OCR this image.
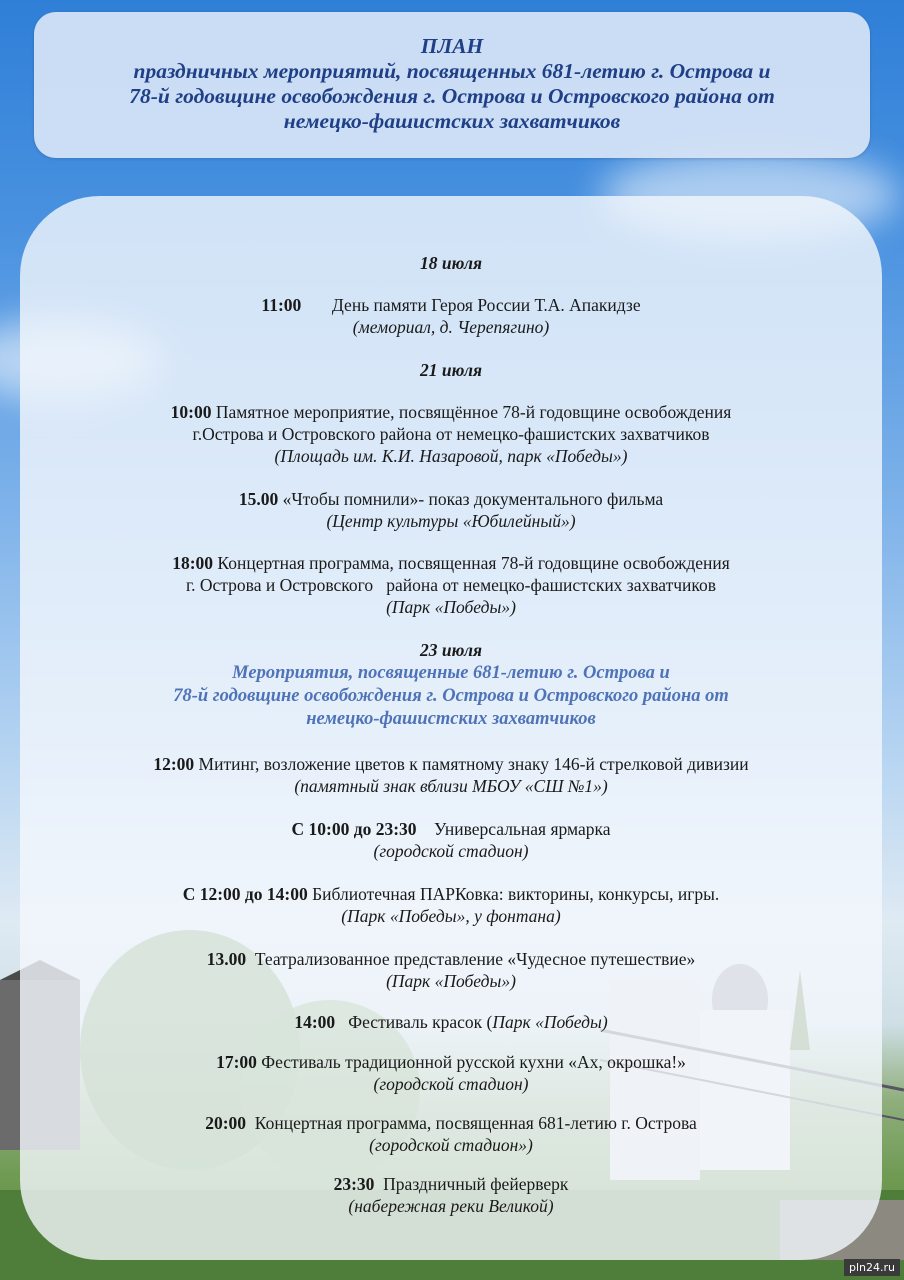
ПЛАН
праздничных мероприятий, посвященных 681-летию г. Острова и
78-й годовщине освобождения г. Острова и Островского района от
немецко-фашистских захватчиков
18 июля
11:00 День памяти Героя России Т.А. Апакидзе
(мемориал, д. Черепягино)
21 июля
10:00 Памятное мероприятие, посвящённое 78-й годовщине освобождения
г.Острова и Островского района от немецко-фашистских захватчиков
(Площадь им. К.И. Назаровой, парк «Победы»)
15.00 «Чтобы помнили»- показ документального фильма
(Центр культуры «Юбилейный»)
18:00 Концертная программа, посвященная 78-й годовщине освобождения
г. Острова и Островского   района от немецко-фашистских захватчиков
(Парк «Победы»)
23 июля
Мероприятия, посвященные 681-летию г. Острова и
78-й годовщине освобождения г. Острова и Островского района от
немецко-фашистских захватчиков
12:00 Митинг, возложение цветов к памятному знаку 146-й стрелковой дивизии
(памятный знак вблизи МБОУ «СШ №1»)
С 10:00 до 23:30 Универсальная ярмарка
(городской стадион)
С 12:00 до 14:00 Библиотечная ПАРКовка: викторины, конкурсы, игры.
(Парк «Победы», у фонтана)
13.00 Театрализованное представление «Чудесное путешествие»
(Парк «Победы»)
14:00 Фестиваль красок (Парк «Победы)
17:00 Фестиваль традиционной русской кухни «Ах, окрошка!»
(городской стадион)
20:00 Концертная программа, посвященная 681-летию г. Острова
(городской стадион»)
23:30 Праздничный фейерверк
(набережная реки Великой)
pln24.ru
